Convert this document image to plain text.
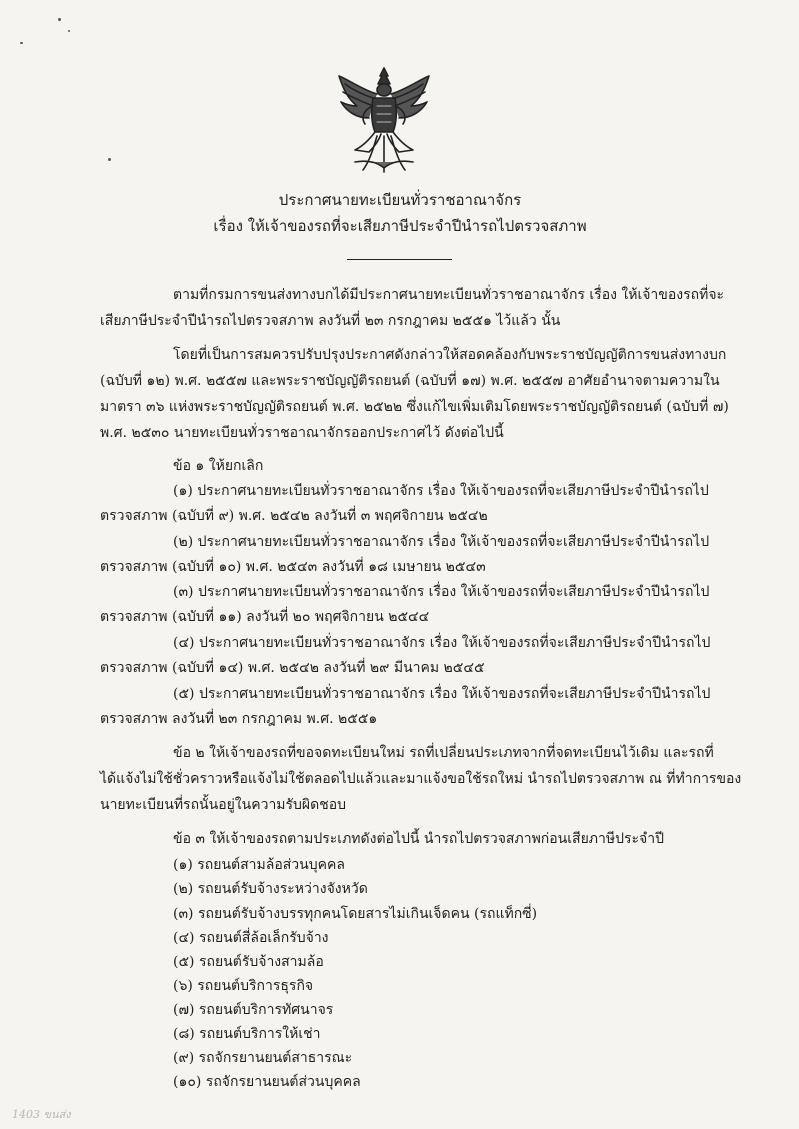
ประกาศนายทะเบียนทั่วราชอาณาจักร
เรื่อง ให้เจ้าของรถที่จะเสียภาษีประจำปีนำรถไปตรวจสภาพ
ตามที่กรมการขนส่งทางบกได้มีประกาศนายทะเบียนทั่วราชอาณาจักร เรื่อง ให้เจ้าของรถที่จะ
เสียภาษีประจำปีนำรถไปตรวจสภาพ ลงวันที่ ๒๓ กรกฎาคม ๒๕๕๑ ไว้แล้ว นั้น
โดยที่เป็นการสมควรปรับปรุงประกาศดังกล่าวให้สอดคล้องกับพระราชบัญญัติการขนส่งทางบก
(ฉบับที่ ๑๒) พ.ศ. ๒๕๕๗ และพระราชบัญญัติรถยนต์ (ฉบับที่ ๑๗) พ.ศ. ๒๕๕๗ อาศัยอำนาจตามความใน
มาตรา ๓๖ แห่งพระราชบัญญัติรถยนต์ พ.ศ. ๒๕๒๒ ซึ่งแก้ไขเพิ่มเติมโดยพระราชบัญญัติรถยนต์ (ฉบับที่ ๗)
พ.ศ. ๒๕๓๐ นายทะเบียนทั่วราชอาณาจักรออกประกาศไว้ ดังต่อไปนี้
ข้อ ๑ ให้ยกเลิก
(๑) ประกาศนายทะเบียนทั่วราชอาณาจักร เรื่อง ให้เจ้าของรถที่จะเสียภาษีประจำปีนำรถไป
ตรวจสภาพ (ฉบับที่ ๙) พ.ศ. ๒๕๔๒ ลงวันที่ ๓ พฤศจิกายน ๒๕๔๒
(๒) ประกาศนายทะเบียนทั่วราชอาณาจักร เรื่อง ให้เจ้าของรถที่จะเสียภาษีประจำปีนำรถไป
ตรวจสภาพ (ฉบับที่ ๑๐) พ.ศ. ๒๕๔๓ ลงวันที่ ๑๘ เมษายน ๒๕๔๓
(๓) ประกาศนายทะเบียนทั่วราชอาณาจักร เรื่อง ให้เจ้าของรถที่จะเสียภาษีประจำปีนำรถไป
ตรวจสภาพ (ฉบับที่ ๑๑) ลงวันที่ ๒๐ พฤศจิกายน ๒๕๔๔
(๔) ประกาศนายทะเบียนทั่วราชอาณาจักร เรื่อง ให้เจ้าของรถที่จะเสียภาษีประจำปีนำรถไป
ตรวจสภาพ (ฉบับที่ ๑๔) พ.ศ. ๒๕๔๒ ลงวันที่ ๒๙ มีนาคม ๒๕๔๕
(๕) ประกาศนายทะเบียนทั่วราชอาณาจักร เรื่อง ให้เจ้าของรถที่จะเสียภาษีประจำปีนำรถไป
ตรวจสภาพ ลงวันที่ ๒๓ กรกฎาคม พ.ศ. ๒๕๕๑
ข้อ ๒ ให้เจ้าของรถที่ขอจดทะเบียนใหม่ รถที่เปลี่ยนประเภทจากที่จดทะเบียนไว้เดิม และรถที่
ได้แจ้งไม่ใช้ชั่วคราวหรือแจ้งไม่ใช้ตลอดไปแล้วและมาแจ้งขอใช้รถใหม่ นำรถไปตรวจสภาพ ณ ที่ทำการของ
นายทะเบียนที่รถนั้นอยู่ในความรับผิดชอบ
ข้อ ๓ ให้เจ้าของรถตามประเภทดังต่อไปนี้ นำรถไปตรวจสภาพก่อนเสียภาษีประจำปี
(๑) รถยนต์สามล้อส่วนบุคคล
(๒) รถยนต์รับจ้างระหว่างจังหวัด
(๓) รถยนต์รับจ้างบรรทุกคนโดยสารไม่เกินเจ็ดคน (รถแท็กซี่)
(๔) รถยนต์สี่ล้อเล็กรับจ้าง
(๕) รถยนต์รับจ้างสามล้อ
(๖) รถยนต์บริการธุรกิจ
(๗) รถยนต์บริการทัศนาจร
(๘) รถยนต์บริการให้เช่า
(๙) รถจักรยานยนต์สาธารณะ
(๑๐) รถจักรยานยนต์ส่วนบุคคล
1403 ขนส่ง
